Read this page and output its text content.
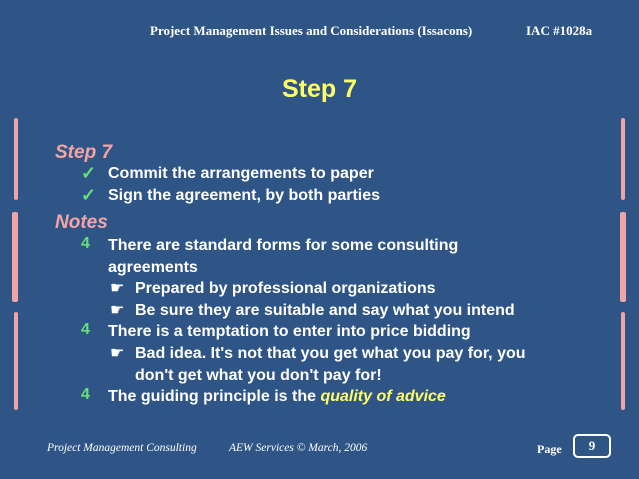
Project Management Issues and Considerations (Issacons)	IAC #1028a
Step 7
Step 7
✓ Commit the arrangements to paper
✓ Sign the agreement, by both parties
Notes
4 There are standard forms for some consulting
agreements
☛ Prepared by professional organizations
☛ Be sure they are suitable and say what you intend
4 There is a temptation to enter into price bidding
☛ Bad idea. It's not that you get what you pay for, you
don't get what you don't pay for!
4 The guiding principle is the quality of advice
Project Management Consulting	AEW Services © March, 2006	Page	9
